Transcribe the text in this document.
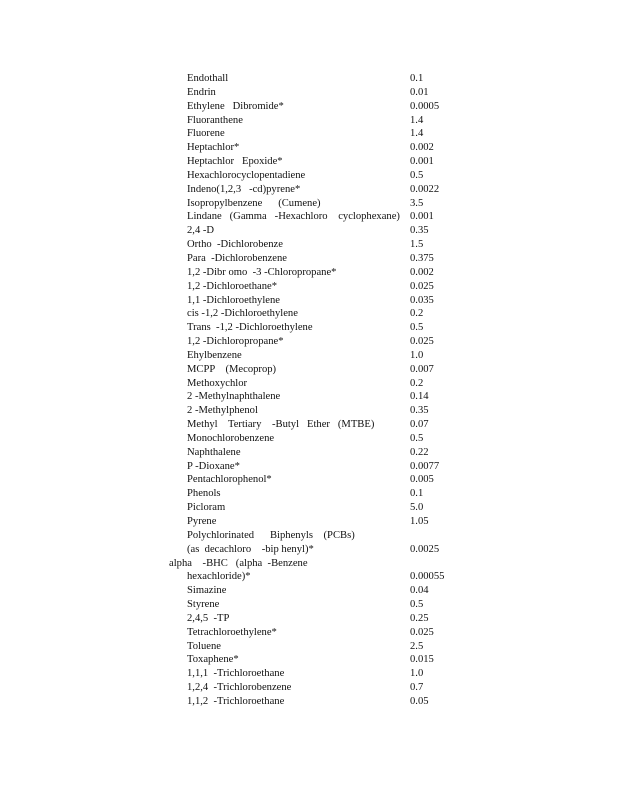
Endothall	0.1
Endrin	0.01
Ethylene   Dibromide*	0.0005
Fluoranthene	1.4
Fluorene	1.4
Heptachlor*	0.002
Heptachlor   Epoxide*	0.001
Hexachlorocyclopentadiene	0.5
Indeno(1,2,3   -cd)pyrene*	0.0022
Isopropylbenzene      (Cumene)	3.5
Lindane   (Gamma   -Hexachloro    cyclophexane) 0.001
2,4 -D	0.35
Ortho  -Dichlorobenze	1.5
Para  -Dichlorobenzene	0.375
1,2 -Dibr omo  -3 -Chloropropane*	0.002
1,2 -Dichloroethane*	0.025
1,1 -Dichloroethylene	0.035
cis -1,2 -Dichloroethylene	0.2
Trans  -1,2 -Dichloroethylene	0.5
1,2 -Dichloropropane*	0.025
Ehylbenzene	1.0
MCPP    (Mecoprop)	0.007
Methoxychlor	0.2
2 -Methylnaphthalene	0.14
2 -Methylphenol	0.35
Methyl    Tertiary    -Butyl   Ether   (MTBE)	0.07
Monochlorobenzene	0.5
Naphthalene	0.22
P -Dioxane*	0.0077
Pentachlorophenol*	0.005
Phenols	0.1
Picloram	5.0
Pyrene	1.05
Polychlorinated      Biphenyls    (PCBs)
(as  decachloro    -bip henyl)*	0.0025
alpha    -BHC   (alpha  -Benzene
hexachloride)*	0.00055
Simazine	0.04
Styrene	0.5
2,4,5  -TP	0.25
Tetrachloroethylene*	0.025
Toluene	2.5
Toxaphene*	0.015
1,1,1  -Trichloroethane	1.0
1,2,4  -Trichlorobenzene	0.7
1,1,2  -Trichloroethane	0.05
